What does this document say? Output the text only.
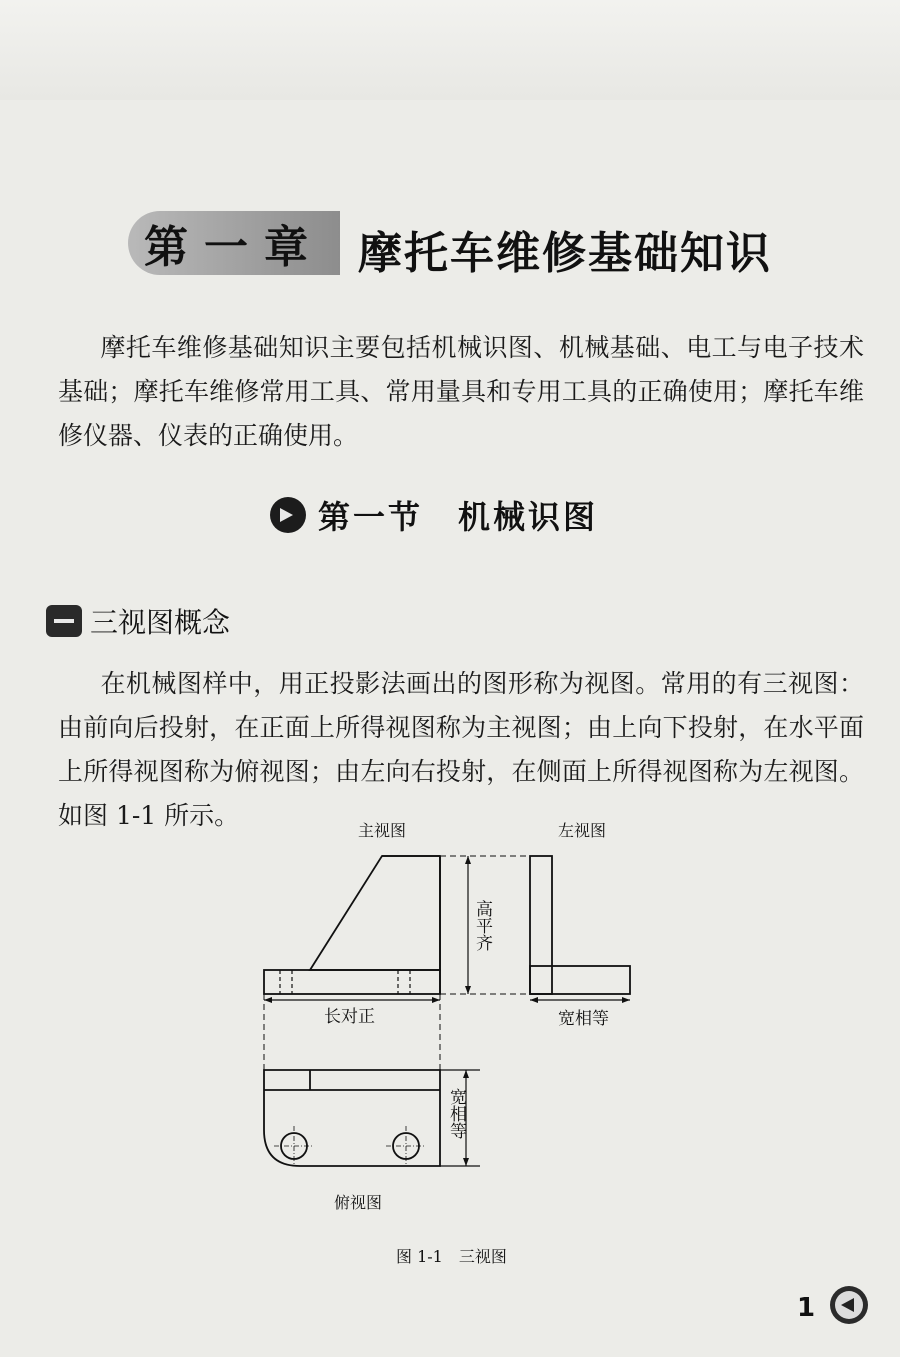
第一章 摩托车维修基础知识
摩托车维修基础知识主要包括机械识图、机械基础、电工与电子技术基础；摩托车维修常用工具、常用量具和专用工具的正确使用；摩托车维修仪器、仪表的正确使用。
第一节　机械识图
三视图概念
在机械图样中，用正投影法画出的图形称为视图。常用的有三视图：由前向后投射，在正面上所得视图称为主视图；由上向下投射，在水平面上所得视图称为俯视图；由左向右投射，在侧面上所得视图称为左视图。如图 1-1 所示。
主视图	左视图
长对正
高平齐
宽相等
宽相等
俯视图
图 1-1　三视图
1
